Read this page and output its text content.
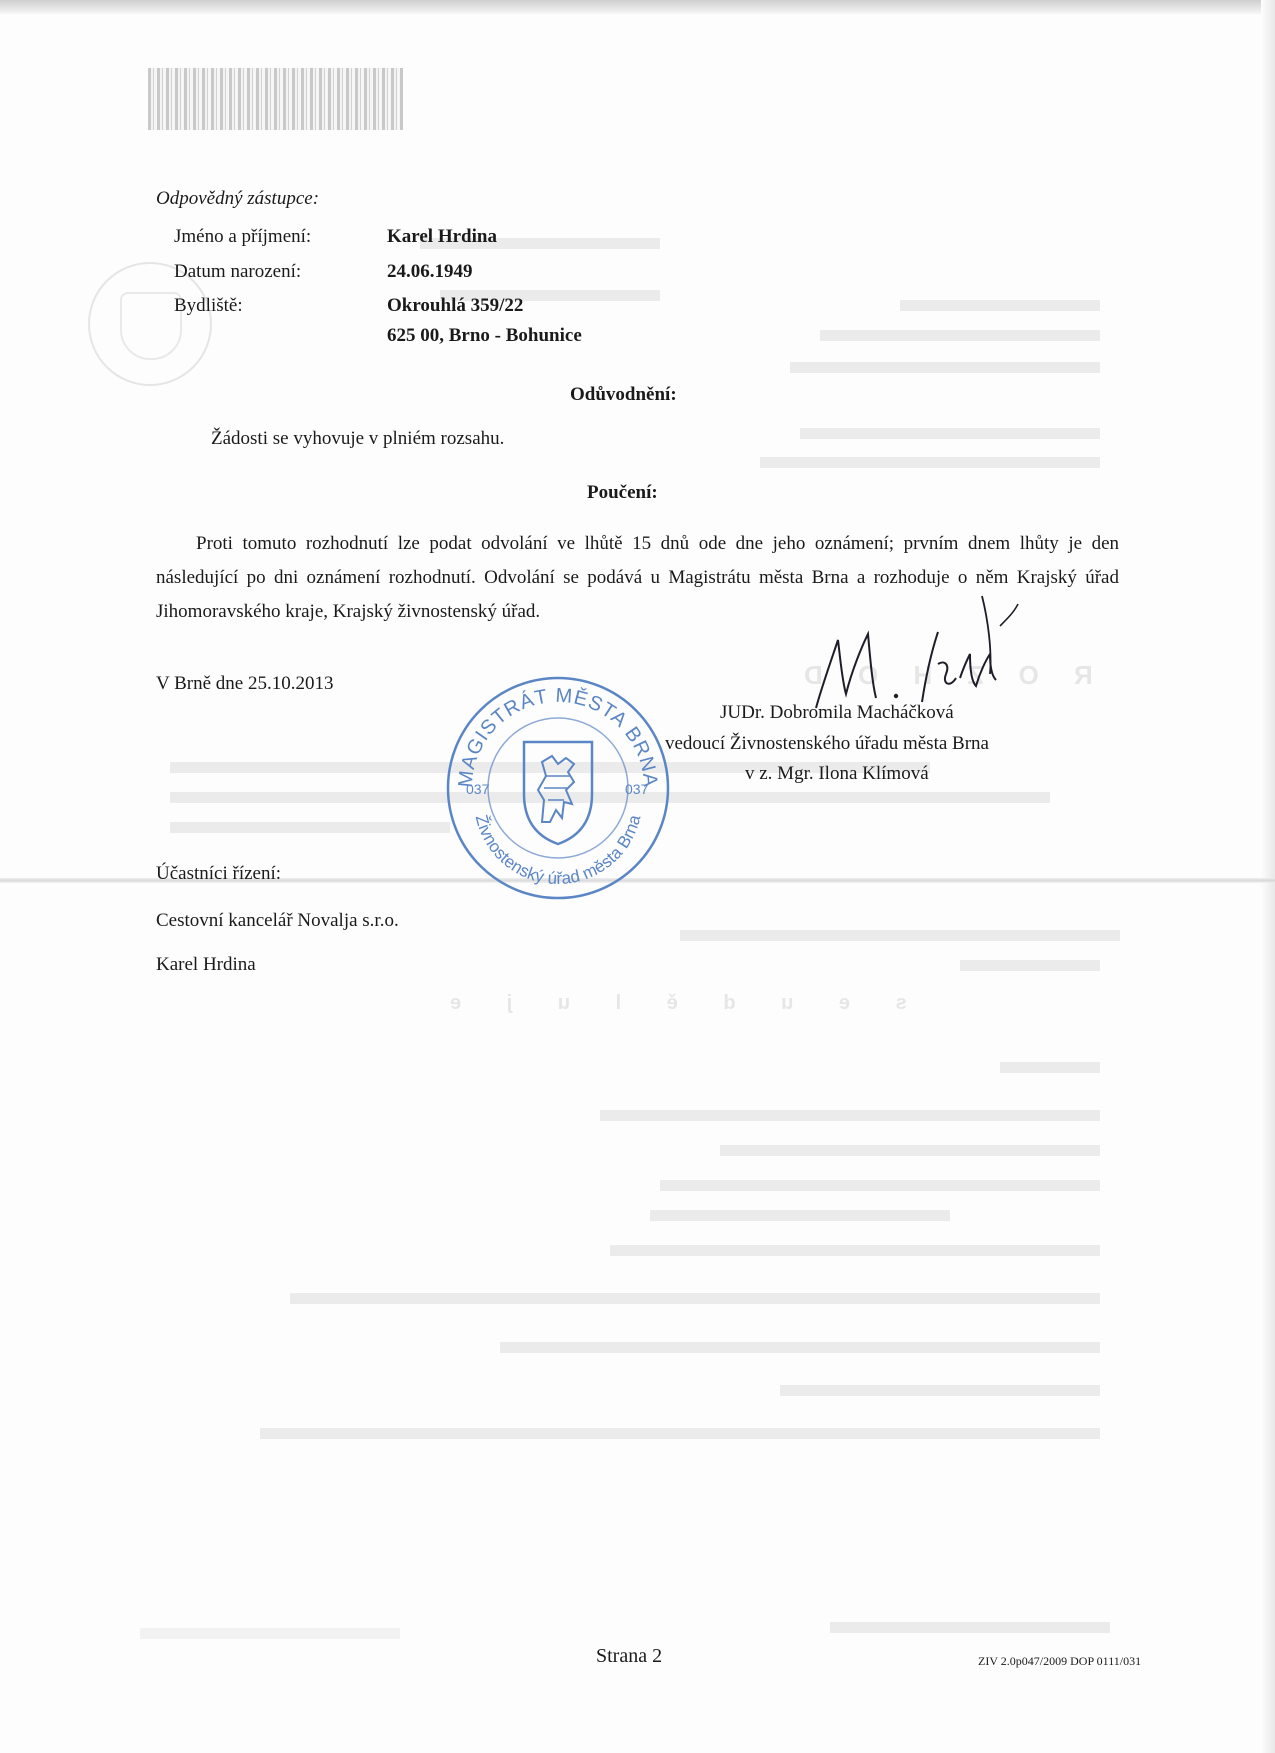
R O Z H O D
s e u d ě l u j e
Odpovědný zástupce:
Jméno a příjmení:	Karel Hrdina
Datum narození:	24.06.1949
Bydliště:	Okrouhlá 359/22
625 00, Brno - Bohunice
Odůvodnění:
Žádosti se vyhovuje v plniém rozsahu.
Poučení:
Proti tomuto rozhodnutí lze podat odvolání ve lhůtě 15 dnů ode dne jeho oznámení; prvním dnem lhůty je den následující po dni oznámení rozhodnutí. Odvolání se podává u Magistrátu města Brna a rozhoduje o něm Krajský úřad Jihomoravského kraje, Krajský živnostenský úřad.
V Brně dne 25.10.2013
MAGISTRÁT MĚSTA BRNA
Živnostenský úřad města Brna
037	037
JUDr. Dobromila Macháčková
vedoucí Živnostenského úřadu města Brna
v z. Mgr. Ilona Klímová
Účastníci řízení:
Cestovní kancelář Novalja s.r.o.
Karel Hrdina
Strana 2	ZIV 2.0p047/2009 DOP 0111/031
